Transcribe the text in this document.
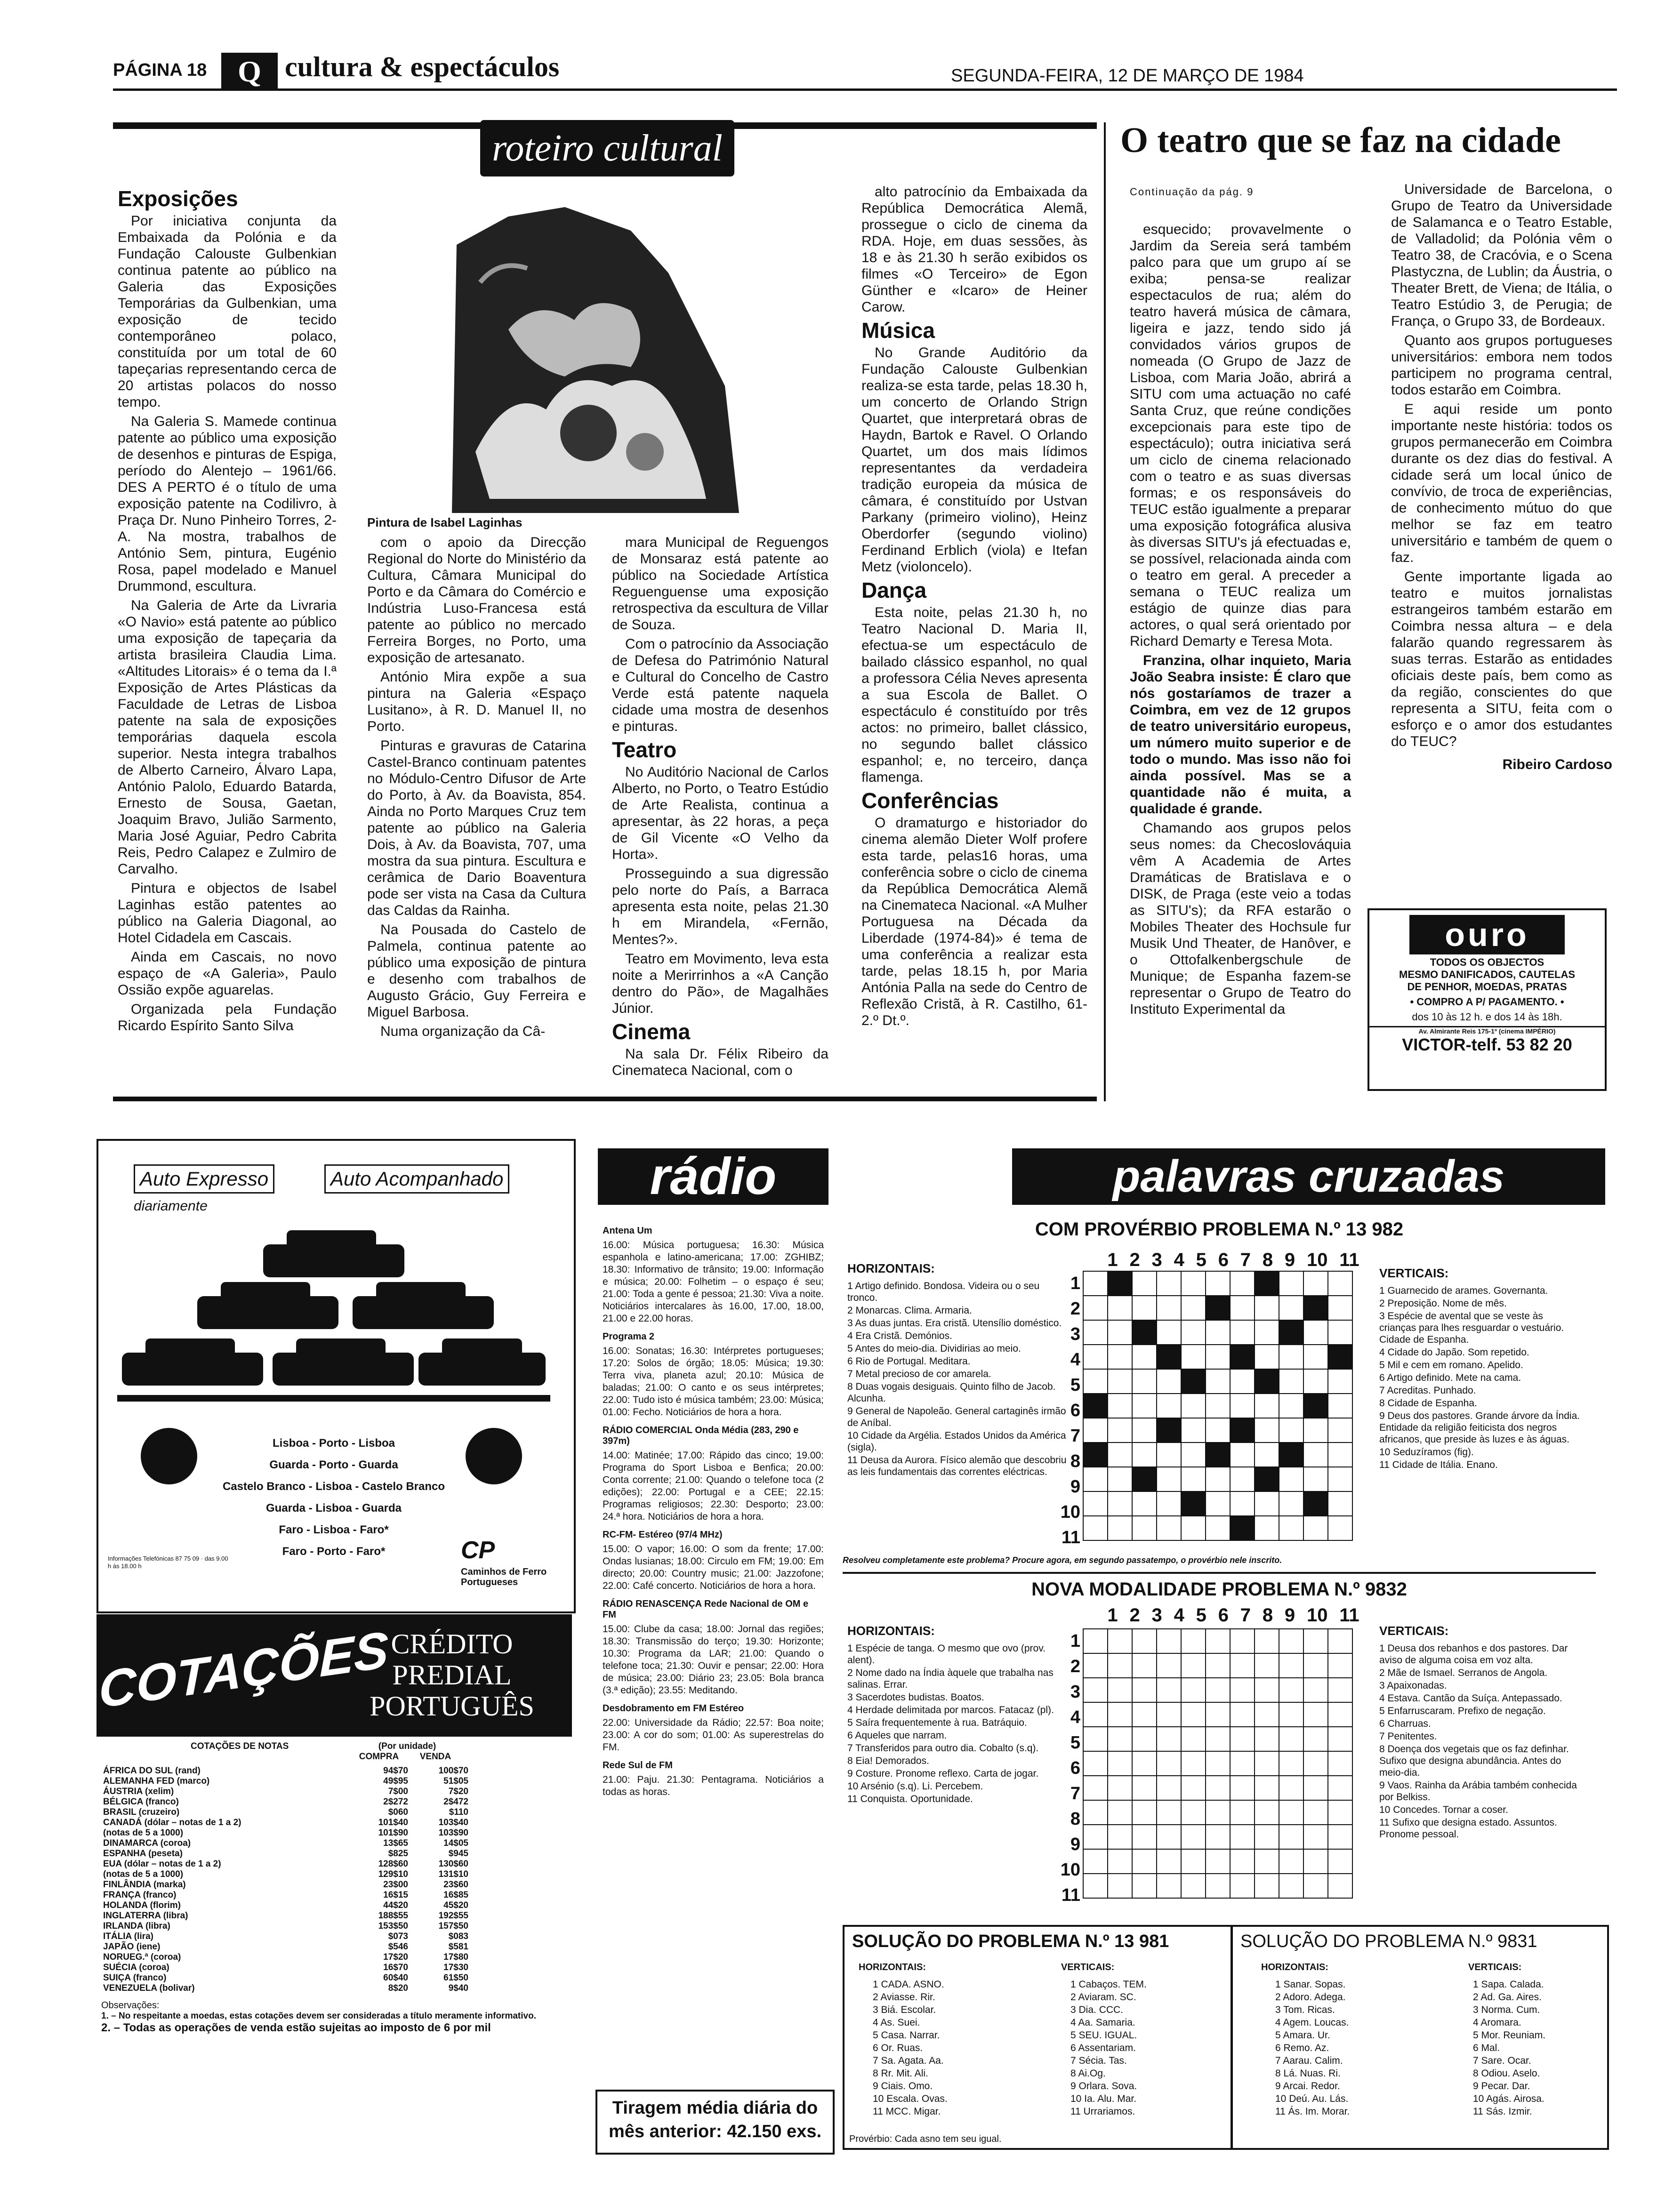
PÁGINA 18	Q cultura & espectáculos	SEGUNDA-FEIRA, 12 DE MARÇO DE 1984
roteiro cultural
Exposições

Por iniciativa conjunta da Embaixada da Polónia e da Fundação Calouste Gulbenkian continua patente ao público na Galeria das Exposições Temporárias da Gulbenkian, uma exposição de tecido contemporâneo polaco, constituída por um total de 60 tapeçarias representando cerca de 20 artistas polacos do nosso tempo.

Na Galeria S. Mamede continua patente ao público uma exposição de desenhos e pinturas de Espiga, período do Alentejo – 1961/66. DES A PERTO é o título de uma exposição patente na Codilivro, à Praça Dr. Nuno Pinheiro Torres, 2-A. Na mostra, trabalhos de António Sem, pintura, Eugénio Rosa, papel modelado e Manuel Drummond, escultura.

Na Galeria de Arte da Livraria «O Navio» está patente ao público uma exposição de tapeçaria da artista brasileira Claudia Lima. «Altitudes Litorais» é o tema da I.ª Exposição de Artes Plásticas da Faculdade de Letras de Lisboa patente na sala de exposições temporárias daquela escola superior. Nesta integra trabalhos de Alberto Carneiro, Álvaro Lapa, António Palolo, Eduardo Batarda, Ernesto de Sousa, Gaetan, Joaquim Bravo, Julião Sarmento, Maria José Aguiar, Pedro Cabrita Reis, Pedro Calapez e Zulmiro de Carvalho.

Pintura e objectos de Isabel Laginhas estão patentes ao público na Galeria Diagonal, ao Hotel Cidadela em Cascais.

Ainda em Cascais, no novo espaço de «A Galeria», Paulo Ossião expõe aguarelas.

Organizada pela Fundação Ricardo Espírito Santo Silva

Pintura de Isabel Laginhas

com o apoio da Direcção Regional do Norte do Ministério da Cultura, Câmara Municipal do Porto e da Câmara do Comércio e Indústria Luso-Francesa está patente ao público no mercado Ferreira Borges, no Porto, uma exposição de artesanato.

António Mira expõe a sua pintura na Galeria «Espaço Lusitano», à R. D. Manuel II, no Porto.

Pinturas e gravuras de Catarina Castel-Branco continuam patentes no Módulo-Centro Difusor de Arte do Porto, à Av. da Boavista, 854. Ainda no Porto Marques Cruz tem patente ao público na Galeria Dois, à Av. da Boavista, 707, uma mostra da sua pintura. Escultura e cerâmica de Dario Boaventura pode ser vista na Casa da Cultura das Caldas da Rainha.

Na Pousada do Castelo de Palmela, continua patente ao público uma exposição de pintura e desenho com trabalhos de Augusto Grácio, Guy Ferreira e Miguel Barbosa.

Numa organização da Câ-

mara Municipal de Reguengos de Monsaraz está patente ao público na Sociedade Artística Reguenguense uma exposição retrospectiva da escultura de Villar de Souza.

Com o patrocínio da Associação de Defesa do Património Natural e Cultural do Concelho de Castro Verde está patente naquela cidade uma mostra de desenhos e pinturas.

Teatro

No Auditório Nacional de Carlos Alberto, no Porto, o Teatro Estúdio de Arte Realista, continua a apresentar, às 22 horas, a peça de Gil Vicente «O Velho da Horta».

Prosseguindo a sua digressão pelo norte do País, a Barraca apresenta esta noite, pelas 21.30 h em Mirandela, «Fernão, Mentes?».

Teatro em Movimento, leva esta noite a Merirrinhos a «A Canção dentro do Pão», de Magalhães Júnior.

Cinema

Na sala Dr. Félix Ribeiro da Cinemateca Nacional, com o

alto patrocínio da Embaixada da República Democrática Alemã, prossegue o ciclo de cinema da RDA. Hoje, em duas sessões, às 18 e às 21.30 h serão exibidos os filmes «O Terceiro» de Egon Günther e «Icaro» de Heiner Carow.

Música

No Grande Auditório da Fundação Calouste Gulbenkian realiza-se esta tarde, pelas 18.30 h, um concerto de Orlando Strign Quartet, que interpretará obras de Haydn, Bartok e Ravel. O Orlando Quartet, um dos mais lídimos representantes da verdadeira tradição europeia da música de câmara, é constituído por Ustvan Parkany (primeiro violino), Heinz Oberdorfer (segundo violino) Ferdinand Erblich (viola) e Itefan Metz (violoncelo).

Dança

Esta noite, pelas 21.30 h, no Teatro Nacional D. Maria II, efectua-se um espectáculo de bailado clássico espanhol, no qual a professora Célia Neves apresenta a sua Escola de Ballet. O espectáculo é constituído por três actos: no primeiro, ballet clássico, no segundo ballet clássico espanhol; e, no terceiro, dança flamenga.

Conferências

O dramaturgo e historiador do cinema alemão Dieter Wolf profere esta tarde, pelas16 horas, uma conferência sobre o ciclo de cinema da República Democrática Alemã na Cinemateca Nacional. «A Mulher Portuguesa na Década da Liberdade (1974-84)» é tema de uma conferência a realizar esta tarde, pelas 18.15 h, por Maria Antónia Palla na sede do Centro de Reflexão Cristã, à R. Castilho, 61-2.º Dt.º.

O teatro que se faz na cidade
Continuação da pág. 9

esquecido; provavelmente o Jardim da Sereia será também palco para que um grupo aí se exiba; pensa-se realizar espectaculos de rua; além do teatro haverá música de câmara, ligeira e jazz, tendo sido já convidados vários grupos de nomeada (O Grupo de Jazz de Lisboa, com Maria João, abrirá a SITU com uma actuação no café Santa Cruz, que reúne condições excepcionais para este tipo de espectáculo); outra iniciativa será um ciclo de cinema relacionado com o teatro e as suas diversas formas; e os responsáveis do TEUC estão igualmente a preparar uma exposição fotográfica alusiva às diversas SITU's já efectuadas e, se possível, relacionada ainda com o teatro em geral. A preceder a semana o TEUC realiza um estágio de quinze dias para actores, o qual será orientado por Richard Demarty e Teresa Mota.

Franzina, olhar inquieto, Maria João Seabra insiste: É claro que nós gostaríamos de trazer a Coimbra, em vez de 12 grupos de teatro universitário europeus, um número muito superior e de todo o mundo. Mas isso não foi ainda possível. Mas se a quantidade não é muita, a qualidade é grande.

Chamando aos grupos pelos seus nomes: da Checoslováquia vêm A Academia de Artes Dramáticas de Bratislava e o DISK, de Praga (este veio a todas as SITU's); da RFA estarão o Mobiles Theater des Hochsule fur Musik Und Theater, de Hanôver, e o Ottofalkenbergschule de Munique; de Espanha fazem-se representar o Grupo de Teatro do Instituto Experimental da

Universidade de Barcelona, o Grupo de Teatro da Universidade de Salamanca e o Teatro Estable, de Valladolid; da Polónia vêm o Teatro 38, de Cracóvia, e o Scena Plastyczna, de Lublin; da Áustria, o Theater Brett, de Viena; de Itália, o Teatro Estúdio 3, de Perugia; de França, o Grupo 33, de Bordeaux.

Quanto aos grupos portugueses universitários: embora nem todos participem no programa central, todos estarão em Coimbra.

E aqui reside um ponto importante neste história: todos os grupos permanecerão em Coimbra durante os dez dias do festival. A cidade será um local único de convívio, de troca de experiências, de conhecimento mútuo do que melhor se faz em teatro universitário e também de quem o faz.

Gente importante ligada ao teatro e muitos jornalistas estrangeiros também estarão em Coimbra nessa altura – e dela falarão quando regressarem às suas terras. Estarão as entidades oficiais deste país, bem como as da região, conscientes do que representa a SITU, feita com o esforço e o amor dos estudantes do TEUC?

Ribeiro Cardoso
ouro
TODOS OS OBJECTOS
MESMO DANIFICADOS, CAUTELAS
DE PENHOR, MOEDAS, PRATAS
• COMPRO A P/ PAGAMENTO. •
dos 10 às 12 h. e dos 14 às 18h.
Av. Almirante Reis 175-1º (cinema IMPÉRIO)
VICTOR-telf. 53 82 20
Auto Expresso	Auto Acompanhado
diariamente
Lisboa - Porto - Lisboa
Guarda - Porto - Guarda
Castelo Branco - Lisboa - Castelo Branco
Guarda - Lisboa - Guarda
Faro - Lisboa - Faro*
Faro - Porto - Faro*
Informações Telefónicas 87 75 09 · das 9.00 h às 18.00 h
CP
Caminhos de Ferro Portugueses
COTAÇÕES CRÉDITO PREDIAL PORTUGUÊS
COTAÇÕES DE NOTAS	(Por unidade)
COMPRA	VENDA
ÁFRICA DO SUL (rand)	94$70	100$70
ALEMANHA FED (marco)	49$95	51$05
ÁUSTRIA (xelim)	7$00	7$20
BÉLGICA (franco)	2$272	2$472
BRASIL (cruzeiro)	$060	$110
CANADÁ (dólar – notas de 1 a 2)	101$40	103$40
(notas de 5 a 1000)	101$90	103$90
DINAMARCA (coroa)	13$65	14$05
ESPANHA (peseta)	$825	$945
EUA (dólar – notas de 1 a 2)	128$60	130$60
(notas de 5 a 1000)	129$10	131$10
FINLÂNDIA (marka)	23$00	23$60
FRANÇA (franco)	16$15	16$85
HOLANDA (florim)	44$20	45$20
INGLATERRA (libra)	188$55	192$55
IRLANDA (libra)	153$50	157$50
ITÁLIA (lira)	$073	$083
JAPÃO (iene)	$546	$581
NORUEG.ª (coroa)	17$20	17$80
SUÉCIA (coroa)	16$70	17$30
SUIÇA (franco)	60$40	61$50
VENEZUELA (bolivar)	8$20	9$40
Observações:
1. – No respeitante a moedas, estas cotações devem ser consideradas a título meramente informativo.
2. – Todas as operações de venda estão sujeitas ao imposto de 6 por mil
rádio
Antena Um

16.00: Música portuguesa; 16.30: Música espanhola e latino-americana; 17.00: ZGHIBZ; 18.30: Informativo de trânsito; 19.00: Informação e música; 20.00: Folhetim – o espaço é seu; 21.00: Toda a gente é pessoa; 21.30: Viva a noite. Noticiários intercalares às 16.00, 17.00, 18.00, 21.00 e 22.00 horas.

Programa 2

16.00: Sonatas; 16.30: Intérpretes portugueses; 17.20: Solos de órgão; 18.05: Música; 19.30: Terra viva, planeta azul; 20.10: Música de baladas; 21.00: O canto e os seus intérpretes; 22.00: Tudo isto é música também; 23.00: Música; 01.00: Fecho. Noticiários de hora a hora.

RÁDIO COMERCIAL Onda Média (283, 290 e 397m)

14.00: Matinée; 17.00: Rápido das cinco; 19.00: Programa do Sport Lisboa e Benfica; 20.00: Conta corrente; 21.00: Quando o telefone toca (2 edições); 22.00: Portugal e a CEE; 22.15: Programas religiosos; 22.30: Desporto; 23.00: 24.ª hora. Noticiários de hora a hora.

RC-FM- Estéreo (97/4 MHz)

15.00: O vapor; 16.00: O som da frente; 17.00: Ondas lusianas; 18.00: Circulo em FM; 19.00: Em directo; 20.00: Country music; 21.00: Jazzofone; 22.00: Café concerto. Noticiários de hora a hora.

RÁDIO RENASCENÇA Rede Nacional de OM e FM

15.00: Clube da casa; 18.00: Jornal das regiões; 18.30: Transmissão do terço; 19.30: Horizonte; 10.30: Programa da LAR; 21.00: Quando o telefone toca; 21.30: Ouvir e pensar; 22.00: Hora de música; 23.00: Diário 23; 23.05: Bola branca (3.ª edição); 23.55: Meditando.

Desdobramento em FM Estéreo

22.00: Universidade da Rádio; 22.57: Boa noite; 23.00: A cor do som; 01.00: As superestrelas do FM.

Rede Sul de FM

21.00: Paju. 21.30: Pentagrama. Noticiários a todas as horas.

Tiragem média diária do mês anterior: 42.150 exs.
palavras cruzadas
COM PROVÉRBIO PROBLEMA N.º 13 982
HORIZONTAIS:
1 Artigo definido. Bondosa. Videira ou o seu tronco.
2 Monarcas. Clima. Armaria.
3 As duas juntas. Era cristã. Utensílio doméstico.
4 Era Cristã. Demónios.
5 Antes do meio-dia. Dividirias ao meio.
6 Rio de Portugal. Meditara.
7 Metal precioso de cor amarela.
8 Duas vogais desiguais. Quinto filho de Jacob. Alcunha.
9 General de Napoleão. General cartaginês irmão de Aníbal.
10 Cidade da Argélia. Estados Unidos da América (sigla).
11 Deusa da Aurora. Físico alemão que descobriu as leis fundamentais das correntes eléctricas.
VERTICAIS:
1 Guarnecido de arames. Governanta.
2 Preposição. Nome de mês.
3 Espécie de avental que se veste às crianças para lhes resguardar o vestuário. Cidade de Espanha.
4 Cidade do Japão. Som repetido.
5 Mil e cem em romano. Apelido.
6 Artigo definido. Mete na cama.
7 Acreditas. Punhado.
8 Cidade de Espanha.
9 Deus dos pastores. Grande árvore da Índia. Entidade da religião feiticista dos negros africanos, que preside às luzes e às águas.
10 Seduzíramos (fig).
11 Cidade de Itália. Enano.
1 2 3 4 5 6 7 8 9 10 11
1
2
3
4
5
6
7
8
9
10
11

Resolveu completamente este problema? Procure agora, em segundo passatempo, o provérbio nele inscrito.
NOVA MODALIDADE PROBLEMA N.º 9832
HORIZONTAIS:
1 Espécie de tanga. O mesmo que ovo (prov. alent).
2 Nome dado na Índia àquele que trabalha nas salinas. Errar.
3 Sacerdotes budistas. Boatos.
4 Herdade delimitada por marcos. Fatacaz (pl).
5 Saíra frequentemente à rua. Batráquio.
6 Aqueles que narram.
7 Transferidos para outro dia. Cobalto (s.q).
8 Eia! Demorados.
9 Costure. Pronome reflexo. Carta de jogar.
10 Arsénio (s.q). Li. Percebem.
11 Conquista. Oportunidade.
VERTICAIS:
1 Deusa dos rebanhos e dos pastores. Dar aviso de alguma coisa em voz alta.
2 Mãe de Ismael. Serranos de Angola.
3 Apaixonadas.
4 Estava. Cantão da Suíça. Antepassado.
5 Enfarruscaram. Prefixo de negação.
6 Charruas.
7 Penitentes.
8 Doença dos vegetais que os faz definhar. Sufixo que designa abundância. Antes do meio-dia.
9 Vaos. Rainha da Arábia também conhecida por Belkiss.
10 Concedes. Tornar a coser.
11 Sufixo que designa estado. Assuntos. Pronome pessoal.
1 2 3 4 5 6 7 8 9 10 11
1
2
3
4
5
6
7
8
9
10
11

SOLUÇÃO DO PROBLEMA N.º 13 981
HORIZONTAIS:
1 CADA. ASNO.
2 Aviasse. Rir.
3 Biá. Escolar.
4 As. Suei.
5 Casa. Narrar.
6 Or. Ruas.
7 Sa. Agata. Aa.
8 Rr. Mit. Ali.
9 Ciais. Omo.
10 Escala. Ovas.
11 MCC. Migar.
VERTICAIS:
1 Cabaços. TEM.
2 Aviaram. SC.
3 Dia. CCC.
4 Aa. Samaria.
5 SEU. IGUAL.
6 Assentariam.
7 Sécia. Tas.
8 Ai.Og.
9 Orlara. Sova.
10 Ia. Alu. Mar.
11 Urrariamos.
Provérbio: Cada asno tem seu igual.
SOLUÇÃO DO PROBLEMA N.º 9831
HORIZONTAIS:
1 Sanar. Sopas.
2 Adoro. Adega.
3 Tom. Ricas.
4 Agem. Loucas.
5 Amara. Ur.
6 Remo. Az.
7 Aarau. Calim.
8 Lá. Nuas. Ri.
9 Arcai. Redor.
10 Deú. Au. Lás.
11 Ás. Im. Morar.
VERTICAIS:
1 Sapa. Calada.
2 Ad. Ga. Aires.
3 Norma. Cum.
4 Aromara.
5 Mor. Reuniam.
6 Mal.
7 Sare. Ocar.
8 Odiou. Aselo.
9 Pecar. Dar.
10 Agás. Airosa.
11 Sás. Izmir.
